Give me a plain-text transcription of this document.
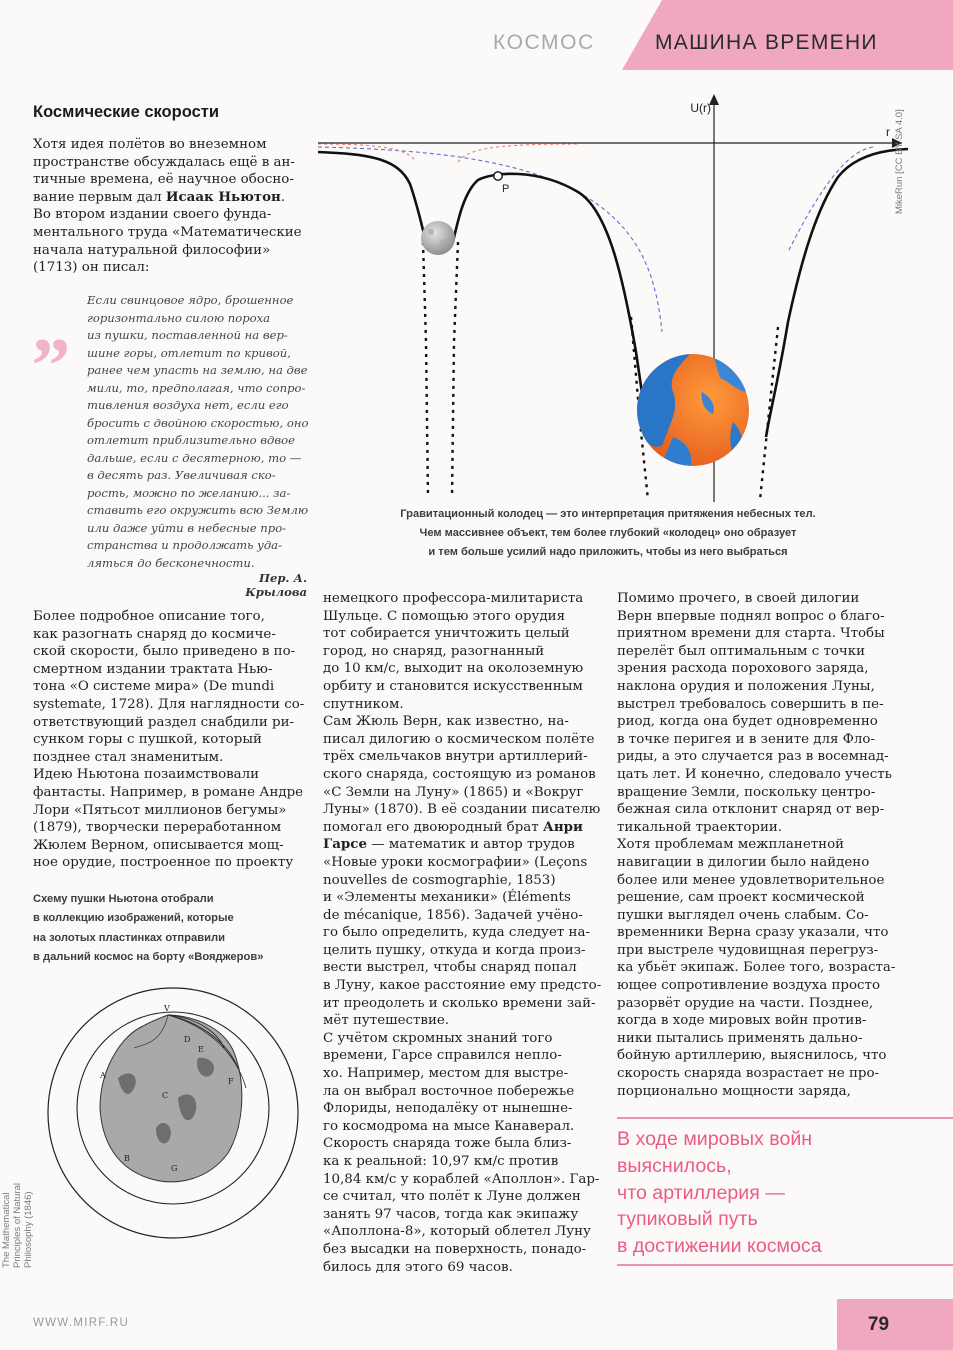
КОСМОС	МАШИНА ВРЕМЕНИ
Космические скорости
Хотя идея полётов во внеземном
пространстве обсуждалась ещё в ан-
тичные времена, её научное обосно-
вание первым дал Исаак Ньютон.
Во втором издании своего фунда-
ментального труда «Математические
начала натуральной философии»
(1713) он писал:
„ Если свинцовое ядро, брошенное
горизонтально силою пороха
из пушки, поставленной на вер-
шине горы, отлетит по кривой,
ранее чем упасть на землю, на две
мили, то, предполагая, что сопро-
тивления воздуха нет, если его
бросить с двойною скоростью, оно
отлетит приблизительно вдвое
дальше, если с десятерною, то —
в десять раз. Увеличивая ско-
рость, можно по желанию... за-
ставить его окружить всю Землю
или даже уйти в небесные про-
странства и продолжать уда-
ляться до бесконечности.
Пер. А. Крылова
U(r)
r
P	MikeRun [CC BY-SA 4.0]
Гравитационный колодец — это интерпретация притяжения небесных тел.
Чем массивнее объект, тем более глубокий «колодец» оно образует
и тем больше усилий надо приложить, чтобы из него выбраться
Более подробное описание того,
как разогнать снаряд до космиче-
ской скорости, было приведено в по-
смертном издании трактата Нью-
тона «О системе мира» (De mundi
systemate, 1728). Для наглядности со-
ответствующий раздел снабдили ри-
сунком горы с пушкой, который
позднее стал знаменитым.
Идею Ньютона позаимствовали
фантасты. Например, в романе Андре
Лори «Пятьсот миллионов бегумы»
(1879), творчески переработанном
Жюлем Верном, описывается мощ-
ное орудие, построенное по проекту
Схему пушки Ньютона отобрали
в коллекцию изображений, которые
на золотых пластинках отправили
в дальний космос на борту «Вояджеров»
V
D
E
F
A
C
B
G
The Mathematical
Principles of Natural
Philosophy (1846)
немецкого профессора-милитариста
Шульце. С помощью этого орудия
тот собирается уничтожить целый
город, но снаряд, разогнанный
до 10 км/с, выходит на околоземную
орбиту и становится искусственным
спутником.
Сам Жюль Верн, как известно, на-
писал дилогию о космическом полёте
трёх смельчаков внутри артиллерий-
ского снаряда, состоящую из романов
«С Земли на Луну» (1865) и «Вокруг
Луны» (1870). В её создании писателю
помогал его двоюродный брат Анри
Гарсе — математик и автор трудов
«Новые уроки космографии» (Leçons
nouvelles de cosmographie, 1853)
и «Элементы механики» (Éléments
de mécanique, 1856). Задачей учёно-
го было определить, куда следует на-
целить пушку, откуда и когда произ-
вести выстрел, чтобы снаряд попал
в Луну, какое расстояние ему предсто-
ит преодолеть и сколько времени зай-
мёт путешествие.
С учётом скромных знаний того
времени, Гарсе справился непло-
хо. Например, местом для выстре-
ла он выбрал восточное побережье
Флориды, неподалёку от нынешне-
го космодрома на мысе Канаверал.
Скорость снаряда тоже была близ-
ка к реальной: 10,97 км/с против
10,84 км/с у кораблей «Аполлон». Гар-
се считал, что полёт к Луне должен
занять 97 часов, тогда как экипажу
«Аполлона-8», который облетел Луну
без высадки на поверхность, понадо-
билось для этого 69 часов.
Помимо прочего, в своей дилогии
Верн впервые поднял вопрос о благо-
приятном времени для старта. Чтобы
перелёт был оптимальным с точки
зрения расхода порохового заряда,
наклона орудия и положения Луны,
выстрел требовалось совершить в пе-
риод, когда она будет одновременно
в точке перигея и в зените для Фло-
риды, а это случается раз в восемнад-
цать лет. И конечно, следовало учесть
вращение Земли, поскольку центро-
бежная сила отклонит снаряд от вер-
тикальной траектории.
Хотя проблемам межпланетной
навигации в дилогии было найдено
более или менее удовлетворительное
решение, сам проект космической
пушки выглядел очень слабым. Со-
временники Верна сразу указали, что
при выстреле чудовищная перегруз-
ка убьёт экипаж. Более того, возраста-
ющее сопротивление воздуха просто
разорвёт орудие на части. Позднее,
когда в ходе мировых войн против-
ники пытались применять дально-
бойную артиллерию, выяснилось, что
скорость снаряда возрастает не про-
порционально мощности заряда,
В ходе мировых войн
выяснилось,
что артиллерия —
тупиковый путь
в достижении космоса
WWW.MIRF.RU	79
